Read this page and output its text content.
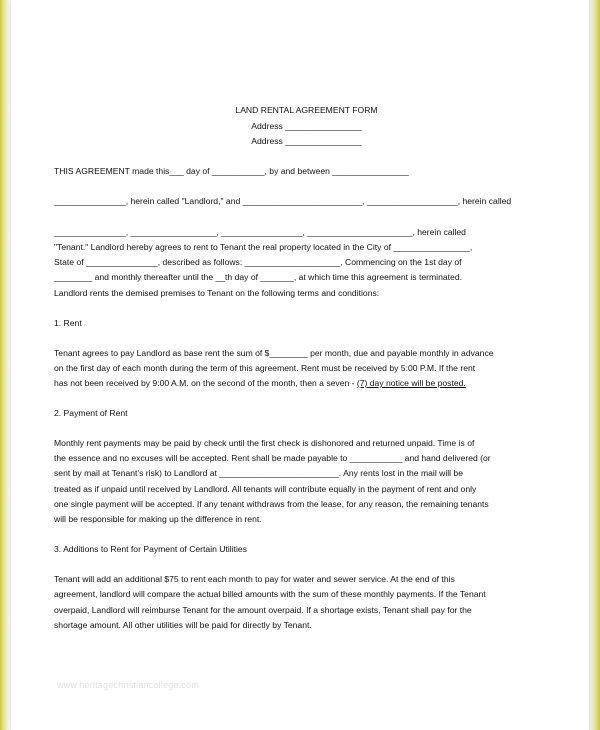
LAND RENTAL AGREEMENT FORM
Address ________________
Address ________________
THIS AGREEMENT made this___ day of ___________, by and between ________________
_______________, herein called "Landlord," and _________________________, ___________________, herein called
_______________, __________________, _________________, ______________________, herein called
"Tenant." Landlord hereby agrees to rent to Tenant the real property located in the City of ________________,
State of _______________, described as follows: ____________________, Commencing on the 1st day of
________ and monthly thereafter until the __th day of _______, at which time this agreement is terminated.
Landlord rents the demised premises to Tenant on the following terms and conditions:
1. Rent
Tenant agrees to pay Landlord as base rent the sum of $________ per month, due and payable monthly in advance
on the first day of each month during the term of this agreement. Rent must be received by 5:00 P.M. If the rent
has not been received by 9:00 A.M. on the second of the month, then a seven - (7) day notice will be posted.
2. Payment of Rent
Monthly rent payments may be paid by check until the first check is dishonored and returned unpaid. Time is of
the essence and no excuses will be accepted. Rent shall be made payable to ___________ and hand delivered (or
sent by mail at Tenant's risk) to Landlord at _________________________. Any rents lost in the mail will be
treated as if unpaid until received by Landlord. All tenants will contribute equally in the payment of rent and only
one single payment will be accepted. If any tenant withdraws from the lease, for any reason, the remaining tenants
will be responsible for making up the difference in rent.
3. Additions to Rent for Payment of Certain Utilities
Tenant will add an additional $75 to rent each month to pay for water and sewer service. At the end of this
agreement, landlord will compare the actual billed amounts with the sum of these monthly payments. If the Tenant
overpaid, Landlord will reimburse Tenant for the amount overpaid. If a shortage exists, Tenant shall pay for the
shortage amount. All other utilities will be paid for directly by Tenant.
www.heritagechristiancollege.com
